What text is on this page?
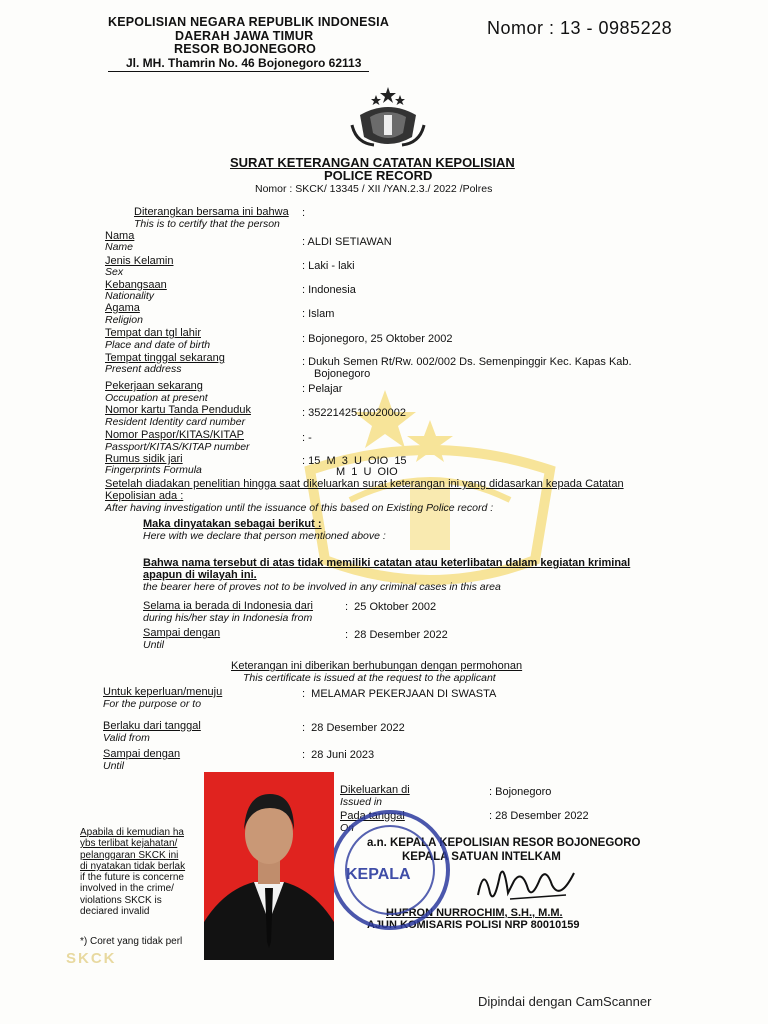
KEPOLISIAN NEGARA REPUBLIK INDONESIA
DAERAH JAWA TIMUR
RESOR BOJONEGORO
Jl. MH. Thamrin No. 46 Bojonegoro 62113
Nomor : 13 - 0985228
SURAT KETERANGAN CATATAN KEPOLISIAN
POLICE RECORD
Nomor : SKCK/ 13345 / XII /YAN.2.3./ 2022 /Polres
Diterangkan bersama ini bahwa :
This is to certify that the person
Nama
Name	: ALDI SETIAWAN
Jenis Kelamin
Sex	: Laki - laki
Kebangsaan
Nationality	: Indonesia
Agama
Religion	: Islam
Tempat dan tgl lahir
Place and date of birth	: Bojonegoro, 25 Oktober 2002
Tempat tinggal sekarang
Present address
: Dukuh Semen Rt/Rw. 002/002 Ds. Semenpinggir Kec. Kapas Kab.
Bojonegoro
Pekerjaan sekarang
Occupation at present
: Pelajar
Nomor kartu Tanda Penduduk
Resident Identity card number
: 3522142510020002
Nomor Paspor/KITAS/KITAP
Passport/KITAS/KITAP number
: -
Rumus sidik jari
Fingerprints Formula
: 15  M  3  U  OIO  15
M  1  U  OIO
Setelah diadakan penelitian hingga saat dikeluarkan surat keterangan ini yang didasarkan kepada Catatan
Kepolisian ada :
After having investigation until the issuance of this based on Existing Police record :
Maka dinyatakan sebagai berikut :
Here with we declare that person mentioned above :
Bahwa nama tersebut di atas tidak memiliki catatan atau keterlibatan dalam kegiatan kriminal
apapun di wilayah ini.
the bearer here of proves not to be involved in any criminal cases in this area
Selama ia berada di Indonesia dari
during his/her stay in Indonesia from
:  25 Oktober 2002
Sampai dengan
Until
:  28 Desember 2022
Keterangan ini diberikan berhubungan dengan permohonan
This certificate is issued at the request to the applicant
Untuk keperluan/menuju
For the purpose or to
:  MELAMAR PEKERJAAN DI SWASTA
Berlaku dari tanggal
Valid from
:  28 Desember 2022
Sampai dengan
Until
:  28 Juni 2023
Dikeluarkan di
Issued in
: Bojonegoro
Pada tanggal
On
: 28 Desember 2022
a.n. KEPALA KEPOLISIAN RESOR BOJONEGORO
KEPALA SATUAN INTELKAM
HUFRON NURROCHIM, S.H., M.M.
AJUN KOMISARIS POLISI NRP 80010159
KEPALA
Apabila di kemudian ha
ybs terlibat kejahatan/
pelanggaran SKCK ini
di nyatakan tidak berlak
if the future is concerne
involved in the crime/
violations SKCK is
deciared invalid
*) Coret yang tidak perl
SKCK
Dipindai dengan CamScanner
